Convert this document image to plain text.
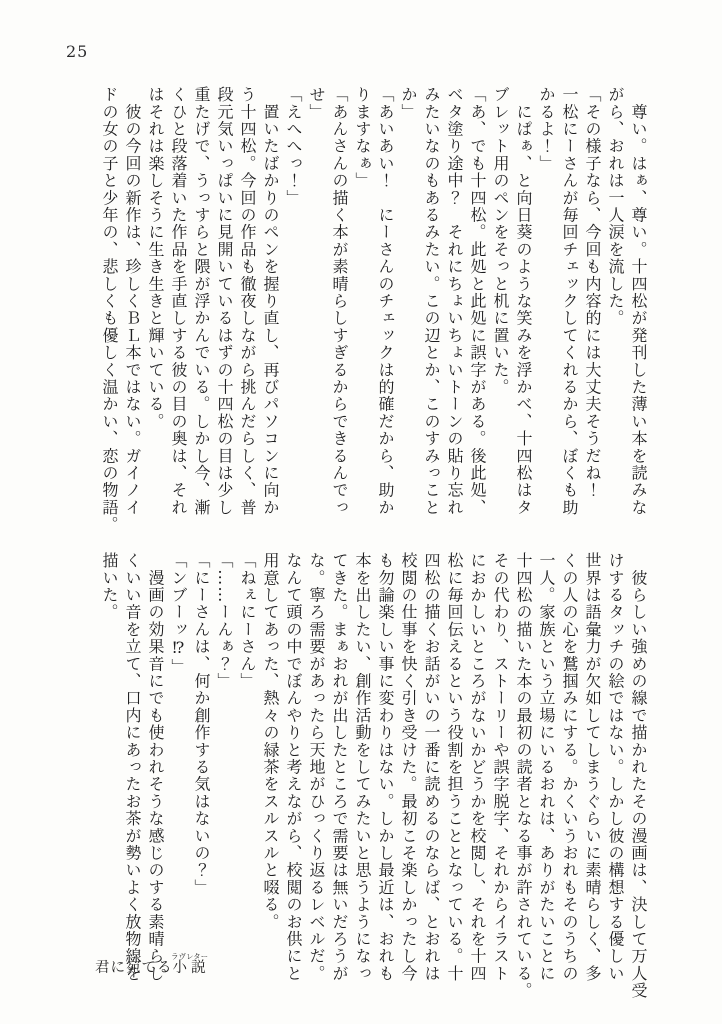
25
　尊い。はぁ、尊い。十四松が発刊した薄い本を読みな
がら、おれは一人涙を流した。
「その様子なら、今回も内容的には大丈夫そうだね！
一松にーさんが毎回チェックしてくれるから、ぼくも助
かるよ！」
　にぱぁ、と向日葵のような笑みを浮かべ、十四松はタ
ブレット用のペンをそっと机に置いた。
「あ、でも十四松。此処と此処に誤字がある。後此処、
ベタ塗り途中？　それにちょいちょいトーンの貼り忘れ
みたいなのもあるみたい。この辺とか、このすみっこと
か」
「あいあい！　にーさんのチェックは的確だから、助か
りますなぁ」
「あんさんの描く本が素晴らしすぎるからできるんでっ
せ」
「えへへっ！」
　置いたばかりのペンを握り直し、再びパソコンに向か
う十四松。今回の作品も徹夜しながら挑んだらしく、普
段元気いっぱいに見開いているはずの十四松の目は少し
重たげで、うっすらと隈が浮かんでいる。しかし今、漸
くひと段落着いた作品を手直しする彼の目の奥は、それ
はそれは楽しそうに生き生きと輝いている。
　彼の今回の新作は、珍しくＢＬ本ではない。ガイノイ
ドの女の子と少年の、悲しくも優しく温かい、恋の物語。
　彼らしい強めの線で描かれたその漫画は、決して万人受
けするタッチの絵ではない。しかし彼の構想する優しい
世界は語彙力が欠如してしまうぐらいに素晴らしく、多
くの人の心を鷲掴みにする。かくいうおれもそのうちの
一人。家族という立場にいるおれは、ありがたいことに
十四松の描いた本の最初の読者となる事が許されている。
その代わり、ストーリーや誤字脱字、それからイラスト
におかしいところがないかどうかを校閲し、それを十四
松に毎回伝えるという役割を担うこととなっている。十
四松の描くお話がいの一番に読めるのならば、とおれは
校閲の仕事を快く引き受けた。最初こそ楽しかったし今
も勿論楽しい事に変わりはない。しかし最近は、おれも
本を出したい、創作活動をしてみたいと思うようになっ
てきた。まぁおれが出したところで需要は無いだろうが
な。寧ろ需要があったら天地がひっくり返るレベルだ。
なんて頭の中でぼんやりと考えながら、校閲のお供にと
用意してあった、熱々の緑茶をスルスルと啜る。
「ねぇにーさん」
「……ーんぁ？」
「にーさんは、何か創作する気はないの？」
「ンブーッ⁉」
　漫画の効果音にでも使われそうな感じのする素晴らし
くいい音を立て、口内にあったお茶が勢いよく放物線を
描いた。
君に宛てる小説ラヴレター
